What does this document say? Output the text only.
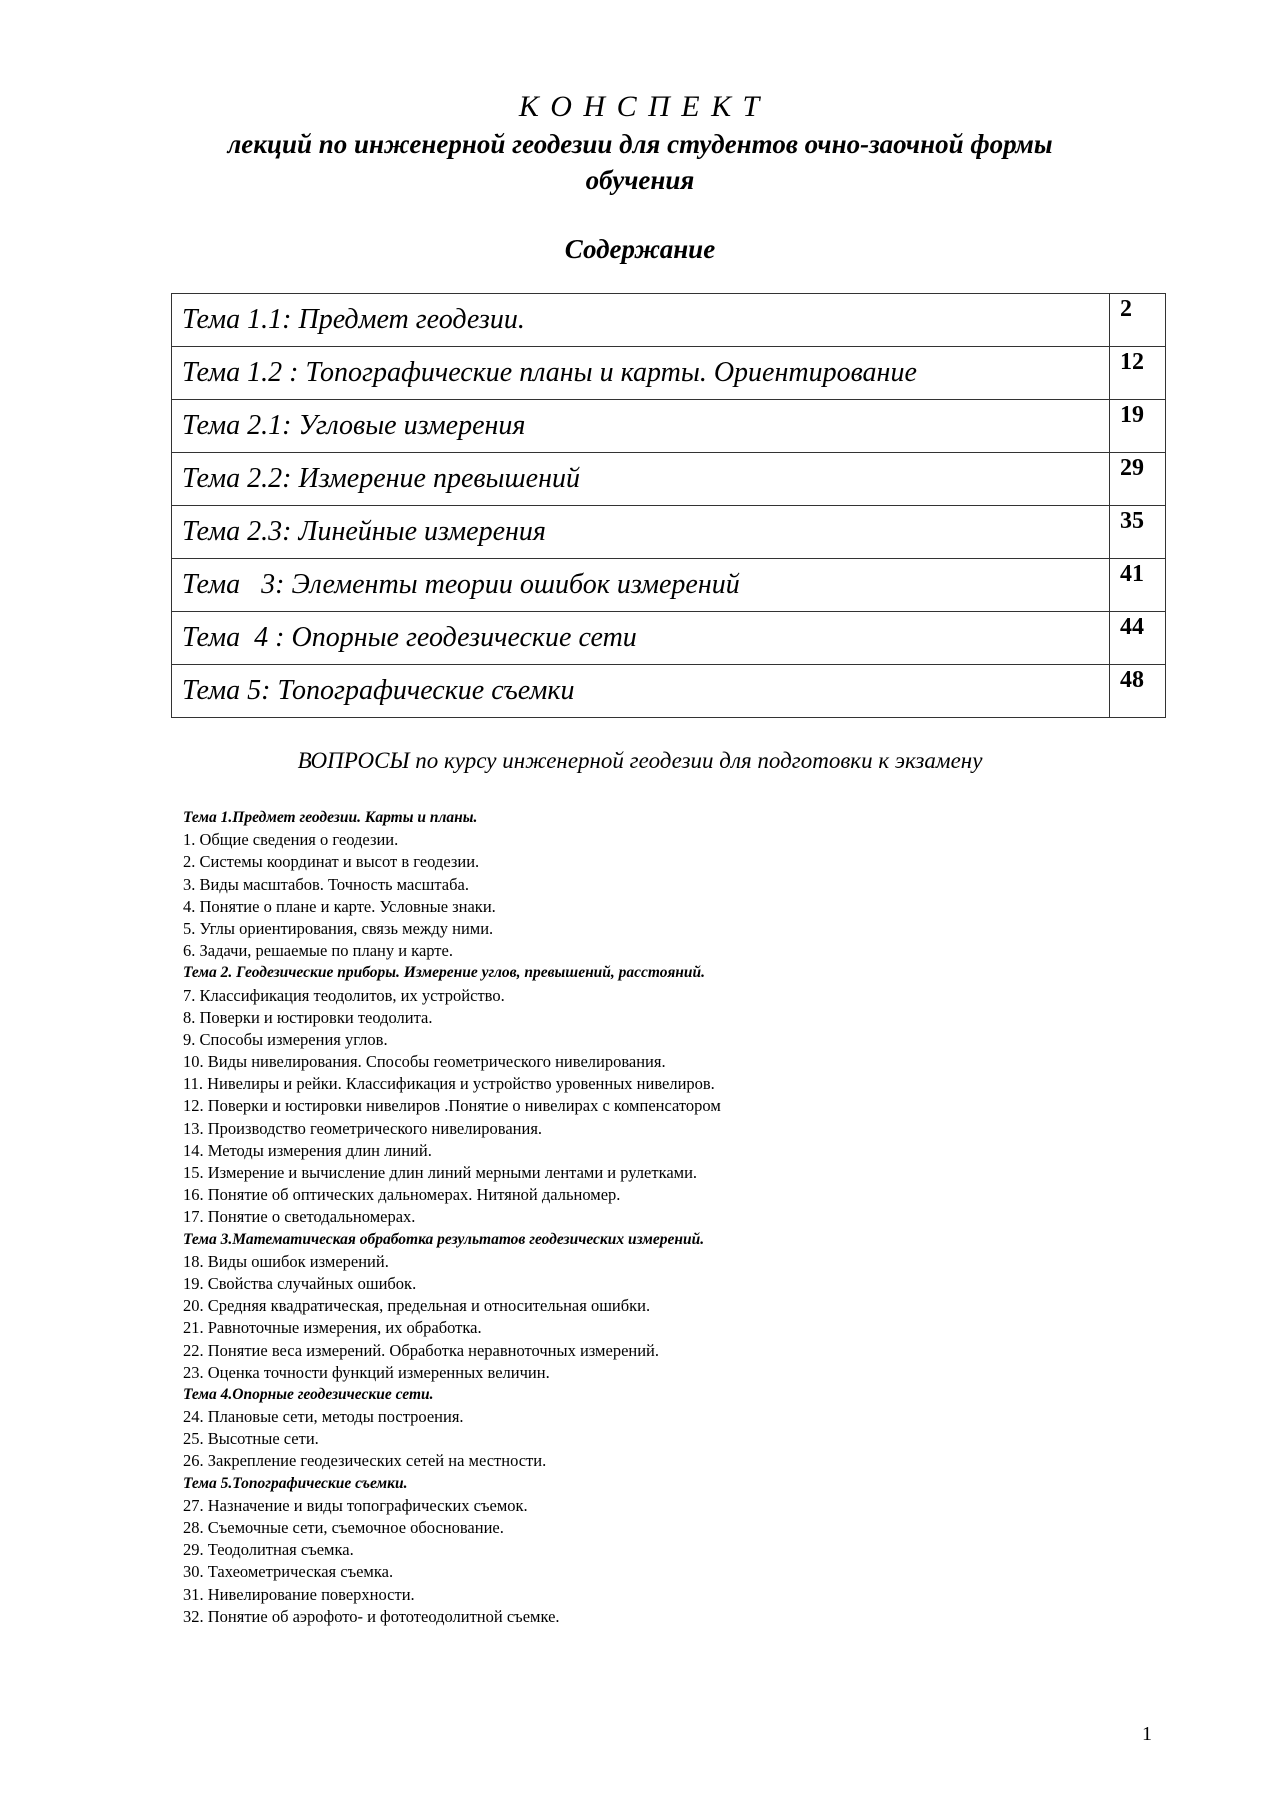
К О Н С П Е К Т

лекций по инженерной геодезии для студентов очно-заочной формы

обучения

Содержание
Тема 1.1: Предмет геодезии.	2
Тема 1.2 : Топографические планы и карты. Ориентирование	12
Тема 2.1: Угловые измерения	19
Тема 2.2: Измерение превышений	29
Тема 2.3: Линейные измерения	35
Тема   3: Элементы теории ошибок измерений	41
Тема  4 : Опорные геодезические сети	44
Тема 5: Топографические съемки	48
ВОПРОСЫ по курсу инженерной геодезии для подготовки к экзамену
Тема 1.Предмет геодезии. Карты и планы.
1. Общие сведения о геодезии.
2. Системы координат и высот в геодезии.
3. Виды масштабов. Точность масштаба.
4. Понятие о плане и карте. Условные знаки.
5. Углы ориентирования, связь между ними.
6. Задачи, решаемые по плану и карте.
Тема 2. Геодезические приборы. Измерение углов, превышений, расстояний.
7. Классификация теодолитов, их устройство.
8. Поверки и юстировки теодолита.
9. Способы измерения углов.
10. Виды нивелирования. Способы геометрического нивелирования.
11. Нивелиры и рейки. Классификация и устройство уровенных нивелиров.
12. Поверки и юстировки нивелиров .Понятие о нивелирах с компенсатором
13. Производство геометрического нивелирования.
14. Методы измерения длин линий.
15. Измерение и вычисление длин линий мерными лентами и рулетками.
16. Понятие об оптических дальномерах. Нитяной дальномер.
17. Понятие о светодальномерах.
Тема 3.Математическая обработка результатов геодезических измерений.
18. Виды ошибок измерений.
19. Свойства случайных ошибок.
20. Средняя квадратическая, предельная и относительная ошибки.
21. Равноточные измерения, их обработка.
22. Понятие веса измерений. Обработка неравноточных измерений.
23. Оценка точности функций измеренных величин.
Тема 4.Опорные геодезические сети.
24. Плановые сети, методы построения.
25. Высотные сети.
26. Закрепление геодезических сетей на местности.
Тема 5.Топографические съемки.
27. Назначение и виды топографических съемок.
28. Съемочные сети, съемочное обоснование.
29. Теодолитная съемка.
30. Тахеометрическая съемка.
31. Нивелирование поверхности.
32. Понятие об аэрофото- и фототеодолитной съемке.
1
